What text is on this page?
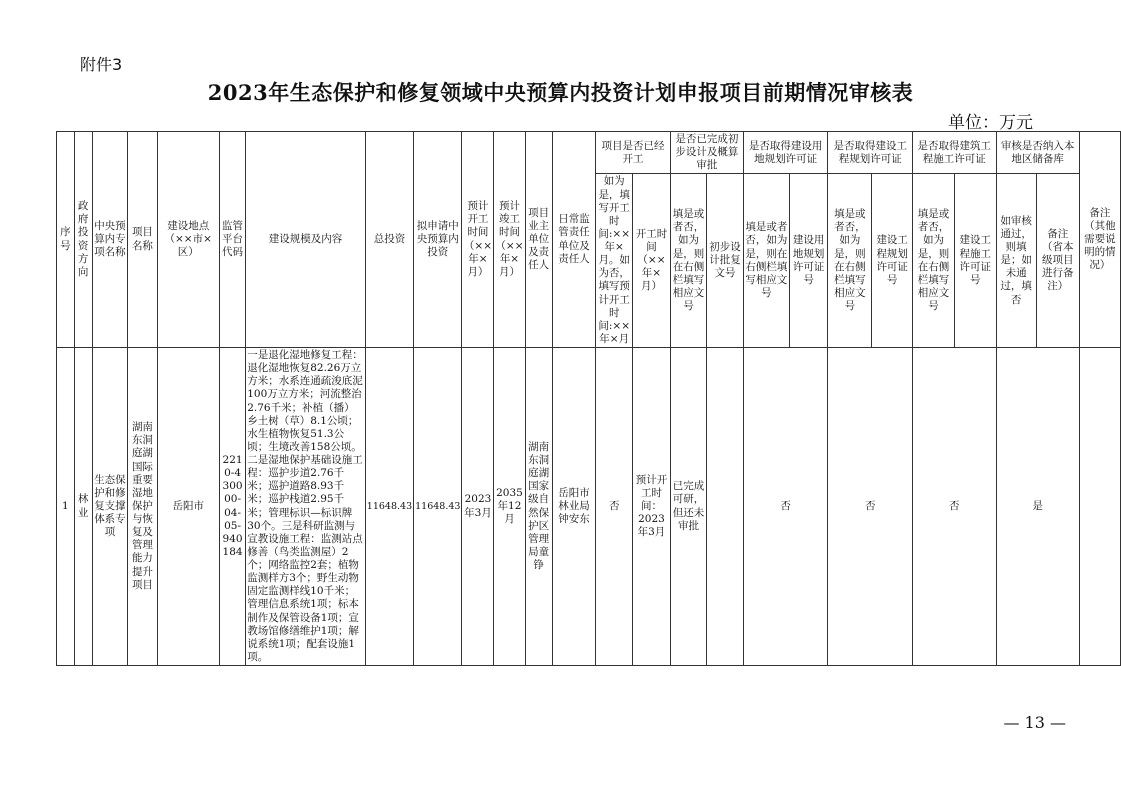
附件3
2023年生态保护和修复领域中央预算内投资计划申报项目前期情况审核表
单位：万元
序号	政府投资方向	中央预算内专项名称	项目名称	建设地点（××市×区）	监管平台代码	建设规模及内容	总投资	拟申请中央预算内投资	预计开工时间（××年×月）	预计竣工时间（××年×月）	项目业主单位及责任人	日常监管责任单位及责任人	项目是否已经开工		是否已完成初步设计及概算审批		是否取得建设用地规划许可证		是否取得建设工程规划许可证		是否取得建筑工程施工许可证		审核是否纳入本地区储备库		备注（其他需要说明的情况）
													如为是，填写开工时间:××年×月。如为否，填写预计开工时间:××年×月	开工时间（××年×月）	填是或者否，如为是，则在右侧栏填写相应文号	初步设计批复文号	填是或者否，如为是，则在右侧栏填写相应文号	建设用地规划许可证号	填是或者否，如为是，则在右侧栏填写相应文号	建设工程规划许可证号	填是或者否，如为是，则在右侧栏填写相应文号	建设工程施工许可证号	如审核通过，则填是；如未通过，填否	备注（省本级项目进行备注）	
1	林业	生态保护和修复支撑体系专项	湖南东洞庭湖国际重要湿地保护与恢复及管理能力提升项目	岳阳市	2210-430000-04-05-940184	一是退化湿地修复工程：退化湿地恢复82.26万立方米；水系连通疏浚底泥100万立方米；河流整治2.76千米；补植（播）乡土树（草）8.1公顷；水生植物恢复51.3公顷；生境改善158公顷。二是湿地保护基础设施工程：巡护步道2.76千米；巡护道路8.93千米；巡护栈道2.95千米；管理标识—标识牌30个。三是科研监测与宣教设施工程：监测站点修善（鸟类监测屋）2个；网络监控2套；植物监测样方3个；野生动物固定监测样线10千米；管理信息系统1项；标本制作及保管设备1项；宣教场馆修缮维护1项；解说系统1项；配套设施1项。	11648.43	11648.43	2023年3月	2035年12月	湖南东洞庭湖国家级自然保护区管理局童铮	岳阳市林业局钟安东	否	预计开工时间：2023年3月	已完成可研，但还未审批		否		否		否		是		
— 13 —
